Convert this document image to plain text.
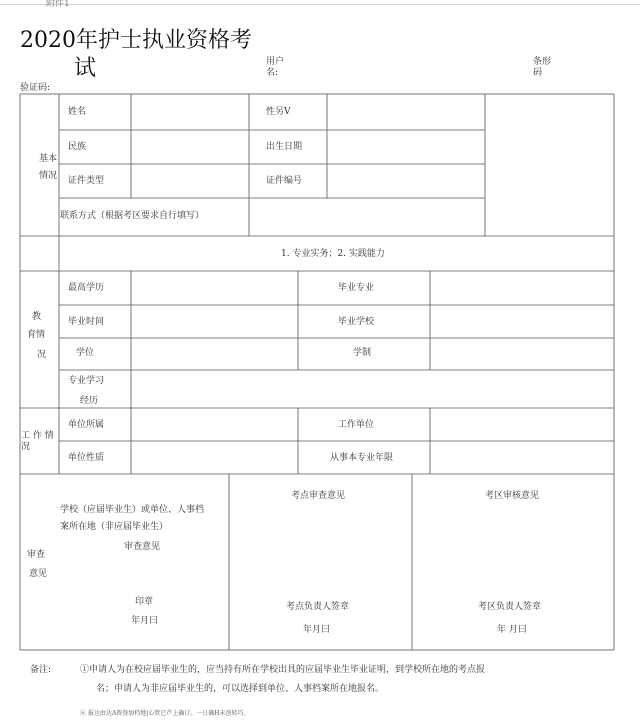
附件1
2020年护士执业资格考
试	用户
名:
条形
码
验证码:
基本
情况
姓名	性另V
民族	出生日期
证件类型	证件编号
联系方式（根据考区要求自行填写）
1. 专业实务；2. 实践能力
教
育情
况
最高学历	毕业专业
毕业时间	毕业学校
学位	学制
专业学习
经历
工 作 情
况
单位所属	工作单位
单位性质	从事本专业年限
审查
意见
学校（应届毕业生）或单位、人事档
案所在地（非应届毕业生）
审查意见
印章
年月曰
考点审查意见
考点负责人签章
年月曰
考区审核意见
考区负责人签章
年 月曰
备注:	①申请人为在校应届毕业生的，应当持有所在学校出具的应届毕业生毕业证明，到学校所在地的考点报
名；申请人为非应届毕业生的，可以选择到单位、人事档案所在地报名。
⑥ 报达由达A资登加档地|心管已芦上确订。一日确H未创转巧。
